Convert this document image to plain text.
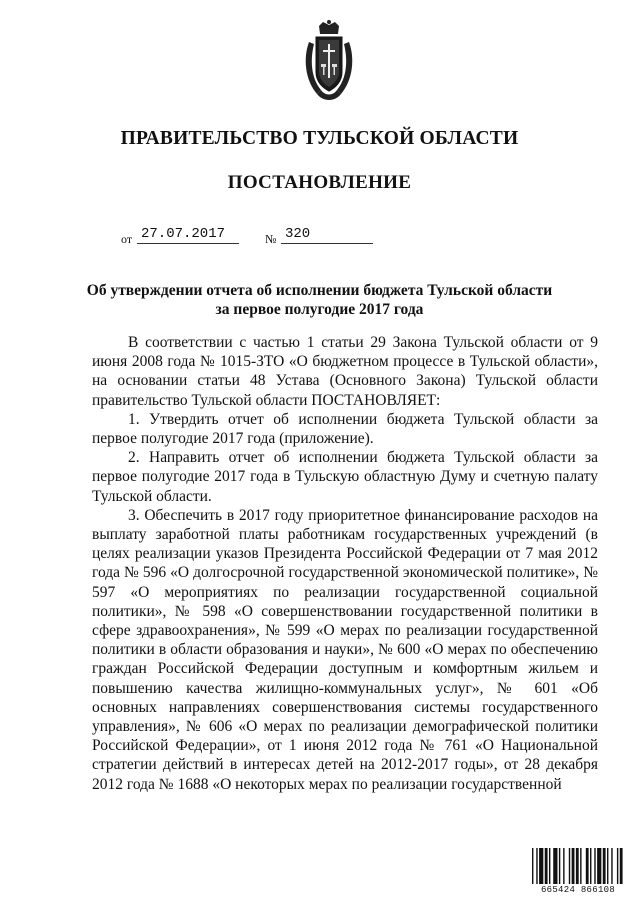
ПРАВИТЕЛЬСТВО ТУЛЬСКОЙ ОБЛАСТИ
ПОСТАНОВЛЕНИЕ
от 27.07.2017	№ 320
Об утверждении отчета об исполнении бюджета Тульской области
за первое полугодие 2017 года

В соответствии с частью 1 статьи 29 Закона Тульской области от 9 июня 2008 года № 1015-ЗТО «О бюджетном процессе в Тульской области», на основании статьи 48 Устава (Основного Закона) Тульской области правительство Тульской области ПОСТАНОВЛЯЕТ:

1. Утвердить отчет об исполнении бюджета Тульской области за первое полугодие 2017 года (приложение).

2. Направить отчет об исполнении бюджета Тульской области за первое полугодие 2017 года в Тульскую областную Думу и счетную палату Тульской области.

3. Обеспечить в 2017 году приоритетное финансирование расходов на выплату заработной платы работникам государственных учреждений (в целях реализации указов Президента Российской Федерации от 7 мая 2012 года № 596 «О долгосрочной государственной экономической политике», № 597 «О мероприятиях по реализации государственной социальной политики», № 598 «О совершенствовании государственной политики в сфере здравоохранения», № 599 «О мерах по реализации государственной политики в области образования и науки», № 600 «О мерах по обеспечению граждан Российской Федерации доступным и комфортным жильем и повышению качества жилищно-коммунальных услуг», № 601 «Об основных направлениях совершенствования системы государственного управления», № 606 «О мерах по реализации демографической политики Российской Федерации», от 1 июня 2012 года № 761 «О Национальной стратегии действий в интересах детей на 2012-2017 годы», от 28 декабря 2012 года № 1688 «О некоторых мерах по реализации государственной

665424 866108
